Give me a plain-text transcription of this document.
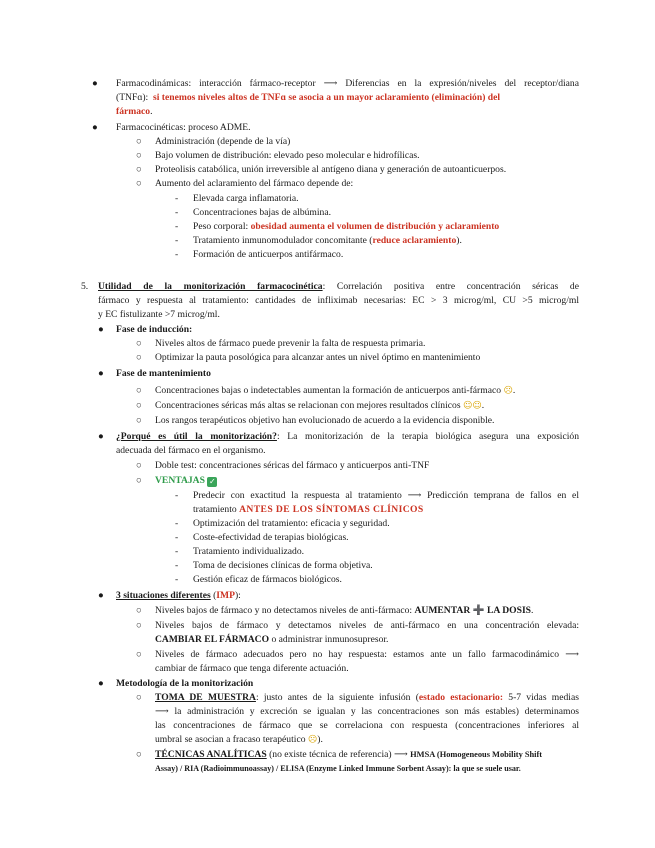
● Farmacodinámicas: interacción fármaco-receptor ⟶ Diferencias en la expresión/niveles del receptor/diana
(TNFɑ): si tenemos niveles altos de TNFɑ se asocia a un mayor aclaramiento (eliminación) del
fármaco.
● Farmacocinéticas: proceso ADME.
○ Administración (depende de la vía)
○ Bajo volumen de distribución: elevado peso molecular e hidrofílicas.
○ Proteolisis catabólica, unión irreversible al antígeno diana y generación de autoanticuerpos.
○ Aumento del aclaramiento del fármaco depende de:
- Elevada carga inflamatoria.
- Concentraciones bajas de albúmina.
- Peso corporal: obesidad aumenta el volumen de distribución y aclaramiento
- Tratamiento inmunomodulador concomitante (reduce aclaramiento).
- Formación de anticuerpos antifármaco.
5. Utilidad de la monitorización farmacocinética: Correlación positiva entre concentración séricas de
fármaco y respuesta al tratamiento: cantidades de infliximab necesarias: EC > 3 microg/ml, CU >5 microg/ml
y EC fistulizante >7 microg/ml.
● Fase de inducción:
○ Niveles altos de fármaco puede prevenir la falta de respuesta primaria.
○ Optimizar la pauta posológica para alcanzar antes un nivel óptimo en mantenimiento
● Fase de mantenimiento
○ Concentraciones bajas o indetectables aumentan la formación de anticuerpos anti-fármaco ☹.
○ Concentraciones séricas más altas se relacionan con mejores resultados clínicos ☺☺.
○ Los rangos terapéuticos objetivo han evolucionado de acuerdo a la evidencia disponible.
● ¿Porqué es útil la monitorización?: La monitorización de la terapia biológica asegura una exposición
adecuada del fármaco en el organismo.
○ Doble test: concentraciones séricas del fármaco y anticuerpos anti-TNF
○ VENTAJAS ✓
- Predecir con exactitud la respuesta al tratamiento ⟶ Predicción temprana de fallos en el
tratamiento ANTES DE LOS SÍNTOMAS CLÍNICOS
- Optimización del tratamiento: eficacia y seguridad.
- Coste-efectividad de terapias biológicas.
- Tratamiento individualizado.
- Toma de decisiones clínicas de forma objetiva.
- Gestión eficaz de fármacos biológicos.
● 3 situaciones diferentes (IMP):
○ Niveles bajos de fármaco y no detectamos niveles de anti-fármaco: AUMENTAR ➕ LA DOSIS.
○ Niveles bajos de fármaco y detectamos niveles de anti-fármaco en una concentración elevada:
CAMBIAR EL FÁRMACO o administrar inmunosupresor.
○ Niveles de fármaco adecuados pero no hay respuesta: estamos ante un fallo farmacodinámico ⟶
cambiar de fármaco que tenga diferente actuación.
● Metodología de la monitorización
○ TOMA DE MUESTRA: justo antes de la siguiente infusión (estado estacionario: 5-7 vidas medias
⟶ la administración y excreción se igualan y las concentraciones son más estables) determinamos
las concentraciones de fármaco que se correlaciona con respuesta (concentraciones inferiores al
umbral se asocian a fracaso terapéutico ☹).
○ TÉCNICAS ANALÍTICAS (no existe técnica de referencia) ⟶ HMSA (Homogeneous Mobility Shift
Assay) / RIA (Radioimmunoassay) / ELISA (Enzyme Linked Immune Sorbent Assay): la que se suele usar.
